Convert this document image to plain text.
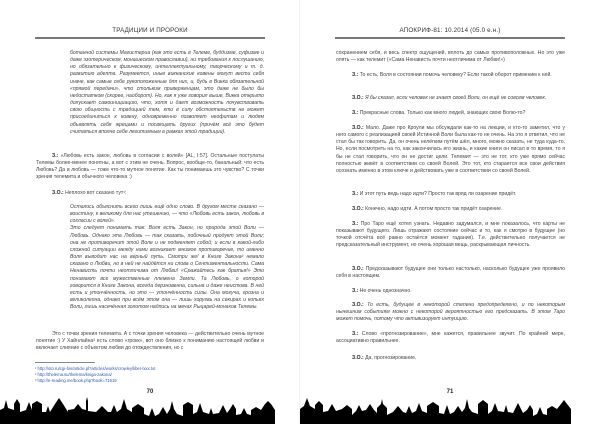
ТРАДИЦИИ И ПРОРОКИ
ботанной системы Магистериа (как это есть в Телеме, буддизме, суфизме и даже эзотерическом, монашеском православии), ни требования к послушанию, но обязательно к физическому, интеллектуальному, творческому и т. д. развитию адепта. Разумеется, иные викканские ковены могут вести себя иначе, как самые себе рукоположенные для них, и, будь в Викка обязательной «прямой передачи», что стольким приверженцам, это даже не было бы недостатком (скорее, наоборот). Но, как я уже говорил выше, Викка открыто допускает самоинициацию, что, хотя и дает возможность почувствовать свою общность с традицией тем, кто в силу обстоятельств не может присоединиться к ковену, одновременно позволяет неофитам и людям объявлять себя жрецами и посвящать других (причём всё это будет считаться вполне себе легитимным в рамках этой традиции).
З.: «Любовь есть закон, любовь в согласии с волей» [AL, I:57]. Остальные постулаты Телемы более-менее понятны, а вот с этим не очень. Вопрос, вообще-то, банальный: что есть Любовь? Да и любовь — тоже что-то мутное понятие. Как ты понимаешь это чувство? С точки зрения телемита и обычного человека :)
З.О.: Неплохо вот сказано тут¹:
Осталось объяснить всего лишь ещё одно слово. В другом месте сказано — воистину, к великому для нас утешению, — что «Любовь есть закон, любовь в согласии с волей».
Это следует понимать так: Воля есть Закон, но природа этой Воли — Любовь. Однако эта Любовь — так сказать, побочный продукт этой Воли; она не противоречит этой Воле и не подменяет собой; и если в какой-либо сложной ситуации между ними возникает мнимое противоречие, то именно Воля выводит нас на верный путь. Смотри же! в Книге Закона² немало сказано о Любви, но в ней не найдётся ни слова о Сентиментальности. Сама Ненависть почти неотличима от Любви! «Сражайтесь как братья!» Это понимают все мужественные племена Земли. Та Любовь, о которой говорится в Книге Закона, всегда дерзновенна, сильна и даже неистова. В ней есть и утончённость, но это — утончённость силы. Она могуча, грозна и великолепна, однако при всём этом она — лишь хоругвь на секирах и копьях Воли, лишь насечённая золотом надпись на мечах Рыцарей-монахов Телемы.
Это с точки зрения телемита. А с точки зрения человека — действительно очень мутное понятие :) У Хайнлайна³ есть слово «грокк», вот оно близко к пониманию настоящей любви и включает слияние с объектом любви до отождествления, но с
¹ http://oto.ru/cgi-bin/article.pl?articles/works/crowley/liber-lxxx.txt
² http://thelema.su/thelema/kniga-zakona/
³ http://e-reading.me/book.php?book=71619
70
АПОКРИФ-81: 10.2014 (05.0 е.н.)
сохранением себя, и весь спектр ощущений, вплоть до самых противоположных. Но это уже опять — как телемит («Сама Ненависть почти неотличима от Любви!»)
З.: То есть, Воля в состоянии помочь человеку? Если такой оборот применим к ней.
З.О.: Я бы сказал, если человек не знает своей Воли, он ещё не совсем человек.
З.: Прекрасные слова. Только как много людей, знающих свою Волю-то?
З.О.: Мало. Даже про Кроули мы обсуждали как-то на лекции, и кто-то заметил, что у него самого с реализацией своей Истинной Воли была как-то не очень. На это я ответил, что не стал бы так говорить. Да, он очень нелёгким путём шёл, много, можно сказать, не туда куда-то. Но, если посмотреть на то, как закончилась его жизнь, и какие книги он писал в то время, то я бы не стал говорить, что он не достиг цели. Телемит — это не тот, кто уже прямо сейчас полностью живёт в соответствии со своей Волей. Это тот, кто старается все свои действия осознать именно в этом ключе и действовать уже в соответствии со своей Волей.
З.: И этот путь ведь надо идти? Просто так вряд ли озарение придёт.
З.О.: Конечно, надо идти. А потом просто так придёт озарение.
З.: Про Таро ещё хотел узнать. Недавно задумался, и мне показалось, что карты не показывают будущего. Лишь отражают состояние сейчас и то, как я смотрю в будущее (но точкой отсчёта всё равно остаётся момент гадания). Т.е. действительно получается не предсказательный инструмент, но очень хорошая вещь, раскрывающая личность.
З.О.: Предсказывают будущее они только настолько, насколько будущее уже проявило себя в настоящем.
З.: Не очень однозначно.
З.О.: То есть, будущее в некоторой степени предопределено, и по некоторым нынешним событиям можно с некоторой вероятностью его предсказать. В этом Таро может помочь, потому что активизирует интуицию.
З.: Слово «прогнозирование», мне кажется, правильнее звучит. По крайней мере, ассоциативно правильнее.
З.О.: Да, прогнозирование.
71
